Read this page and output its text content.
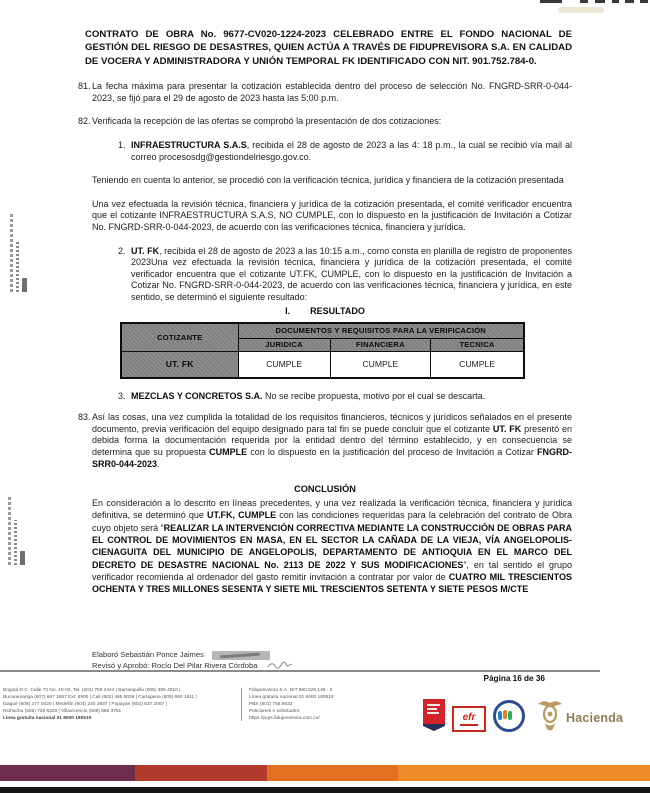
CONTRATO DE OBRA No. 9677-CV020-1224-2023 CELEBRADO ENTRE EL FONDO NACIONAL DE GESTIÓN DEL RIESGO DE DESASTRES, QUIEN ACTÚA A TRAVÉS DE FIDUPREVISORA S.A. EN CALIDAD DE VOCERA Y ADMINISTRADORA Y UNIÓN TEMPORAL FK IDENTIFICADO CON NIT. 901.752.784-0.
81. La fecha máxima para presentar la cotización establecida dentro del proceso de selección No. FNGRD-SRR-0-044-2023, se fijó para el 29 de agosto de 2023 hasta las 5:00 p.m.
82. Verificada la recepción de las ofertas se comprobó la presentación de dos cotizaciones:
1. INFRAESTRUCTURA S.A.S, recibida el 28 de agosto de 2023 a las 4: 18 p.m., la cual se recibió vía mail al correo procesosdg@gestiondelriesgo.gov.co.
Teniendo en cuenta lo anterior, se procedió con la verificación técnica, jurídica y financiera de la cotización presentada
Una vez efectuada la revisión técnica, financiera y jurídica de la cotización presentada, el comité verificador encuentra que el cotizante INFRAESTRUCTURA S.A.S, NO CUMPLE, con lo dispuesto en la justificación de Invitación a Cotizar No. FNGRD-SRR-0-044-2023, de acuerdo con las verificaciones técnica, financiera y jurídica.
2. UT. FK, recibida el 28 de agosto de 2023 a las 10:15 a.m., como consta en planilla de registro de proponentes 2023Una vez efectuada la revisión técnica, financiera y jurídica de la cotización presentada, el comité verificador encuentra que el cotizante UT.FK, CUMPLE, con lo dispuesto en la justificación de Invitación a Cotizar No. FNGRD-SRR-0-044-2023, de acuerdo con las verificaciones técnica, financiera y jurídica, en este sentido, se determinó el siguiente resultado:
I. RESULTADO
COTIZANTE	DOCUMENTOS Y REQUISITOS PARA LA VERIFICACIÓN		
	JURIDICA	FINANCIERA	TECNICA
UT. FK	CUMPLE	CUMPLE	CUMPLE
3. MEZCLAS Y CONCRETOS S.A. No se recibe propuesta, motivo por el cual se descarta.
83. Así las cosas, una vez cumplida la totalidad de los requisitos financieros, técnicos y jurídicos señalados en el presente documento, previa verificación del equipo designado para tal fin se puede concluir que el cotizante UT. FK presentó en debida forma la documentación requerida por la entidad dentro del término establecido, y en consecuencia se determina que su propuesta CUMPLE con lo dispuesto en la justificación del proceso de Invitación a Cotizar FNGRD-SRR0-044-2023.
CONCLUSIÓN
En consideración a lo descrito en líneas precedentes, y una vez realizada la verificación técnica, financiera y jurídica definitiva, se determinó que UT.FK, CUMPLE con las condiciones requeridas para la celebración del contrato de Obra cuyo objeto será “REALIZAR LA INTERVENCIÓN CORRECTIVA MEDIANTE LA CONSTRUCCIÓN DE OBRAS PARA EL CONTROL DE MOVIMIENTOS EN MASA, EN EL SECTOR LA CAÑADA DE LA VIEJA, VÍA ANGELOPOLIS-CIENAGUITA DEL MUNICIPIO DE ANGELOPOLIS, DEPARTAMENTO DE ANTIOQUIA EN EL MARCO DEL DECRETO DE DESASTRE NACIONAL No. 2113 DE 2022 Y SUS MODIFICACIONES”, en tal sentido el grupo verificador recomienda al ordenador del gasto remitir invitación a contratar por valor de CUATRO MIL TRESCIENTOS OCHENTA Y TRES MILLONES SESENTA Y SIETE MIL TRESCIENTOS SETENTA Y SIETE PESOS M/CTE
Elaboró Sebastián Ponce Jaimes
Revisó y Aprobó: Rocío Del Pilar Rivera Córdoba
Página 16 de 36
Bogotá D.C. Calle 72 No. 10-03, Tel. (601) 756 2444 | Barranquilla (605) 385 4010 |
Bucaramanga (607) 697 1687 Ext: 6900 | Cali (602) 485 5036 | Cartagena (605) 693 1611 |
Ibagué (608) 277 0420 | Medellín (604) 240 3937 | Popayán (602) 837 2067 |
Riohacha (605) 729 5328 | Villavicencio (608) 665 3751
Línea gratuita nacional 01 8000 180510
Fiduprevisora S.A. NIT 860.525.148 - 5
Línea gratuita nacional 01 8000 180518
PBX (601) 756 6633
Peticiones e solicitudes:
https://pqrs.fiduprevisora.com.co/	efr	Hacienda
